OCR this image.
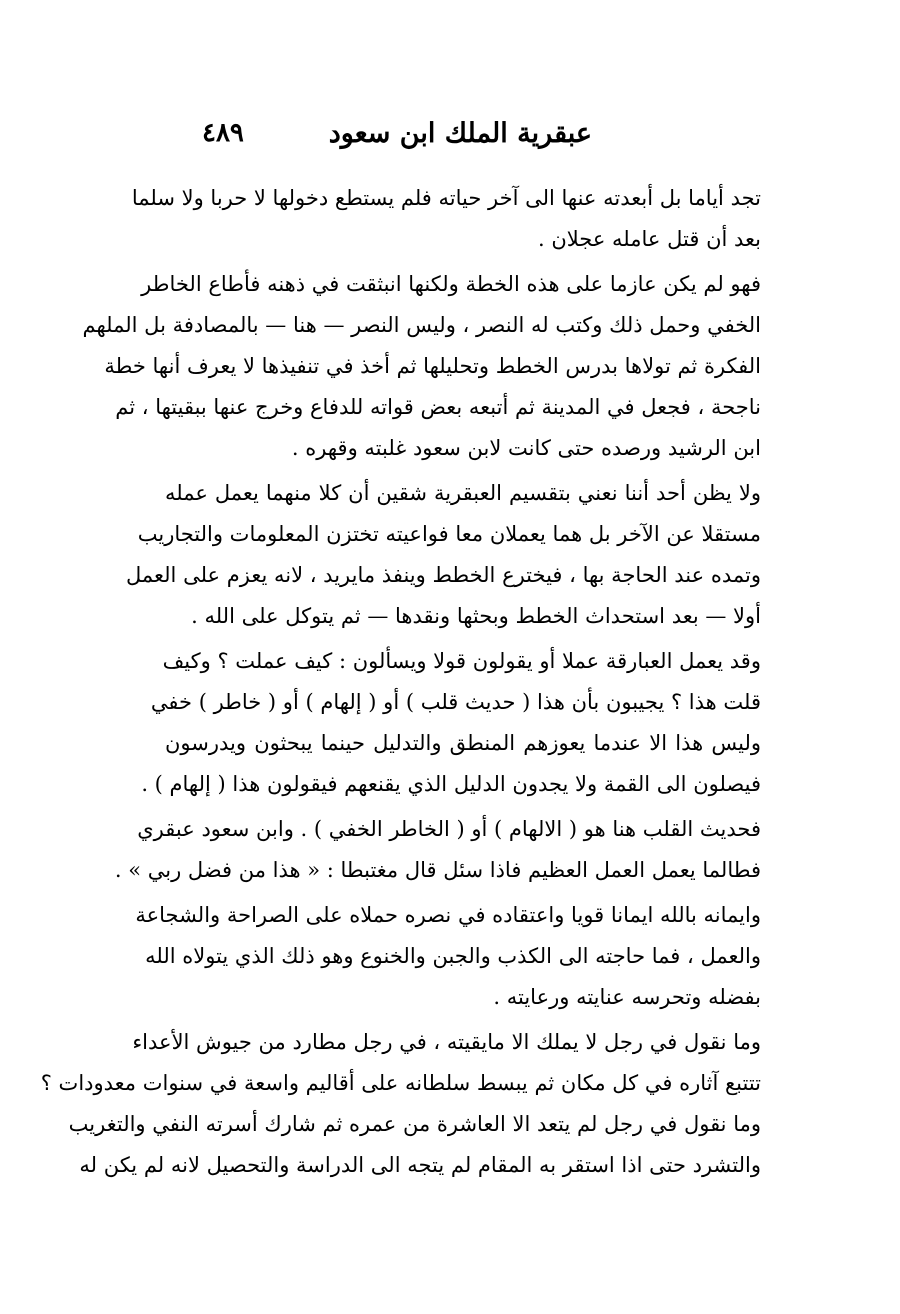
عبقرية الملك ابن سعود
٤٨٩
تجد أياما بل أبعدته عنها الى آخر حياته فلم يستطع دخولها لا حربا ولا سلما
بعد أن قتل عامله عجلان .
فهو لم يكن عازما على هذه الخطة ولكنها انبثقت في ذهنه فأطاع الخاطر
الخفي وحمل ذلك وكتب له النصر ، وليس النصر — هنا — بالمصادفة بل الملهم
الفكرة ثم تولاها بدرس الخطط وتحليلها ثم أخذ في تنفيذها لا يعرف أنها خطة
ناجحة ، فجعل في المدينة ثم أتبعه بعض قواته للدفاع وخرج عنها ببقيتها ، ثم
ابن الرشيد ورصده حتى كانت لابن سعود غلبته وقهره .
ولا يظن أحد أننا نعني بتقسيم العبقرية شقين أن كلا منهما يعمل عمله
مستقلا عن الآخر بل هما يعملان معا فواعيته تختزن المعلومات والتجاريب
وتمده عند الحاجة بها ، فيخترع الخطط وينفذ مايريد ، لانه يعزم على العمل
أولا — بعد استحداث الخطط وبحثها ونقدها — ثم يتوكل على الله .
وقد يعمل العبارقة عملا أو يقولون قولا ويسألون : كيف عملت ؟ وكيف
قلت هذا ؟ يجيبون بأن هذا ( حديث قلب ) أو ( إلهام ) أو ( خاطر ) خفي
وليس هذا الا عندما يعوزهم المنطق والتدليل حينما يبحثون ويدرسون
فيصلون الى القمة ولا يجدون الدليل الذي يقنعهم فيقولون هذا ( إلهام ) .
فحديث القلب هنا هو ( الالهام ) أو ( الخاطر الخفي ) . وابن سعود عبقري
فطالما يعمل العمل العظيم فاذا سئل قال مغتبطا : « هذا من فضل ربي » .
وايمانه بالله ايمانا قويا واعتقاده في نصره حملاه على الصراحة والشجاعة
والعمل ، فما حاجته الى الكذب والجبن والخنوع وهو ذلك الذي يتولاه الله
بفضله وتحرسه عنايته ورعايته .
وما نقول في رجل لا يملك الا مايقيته ، في رجل مطارد من جيوش الأعداء
تتتبع آثاره في كل مكان ثم يبسط سلطانه على أقاليم واسعة في سنوات معدودات ؟
وما نقول في رجل لم يتعد الا العاشرة من عمره ثم شارك أسرته النفي والتغريب
والتشرد حتى اذا استقر به المقام لم يتجه الى الدراسة والتحصيل لانه لم يكن له
